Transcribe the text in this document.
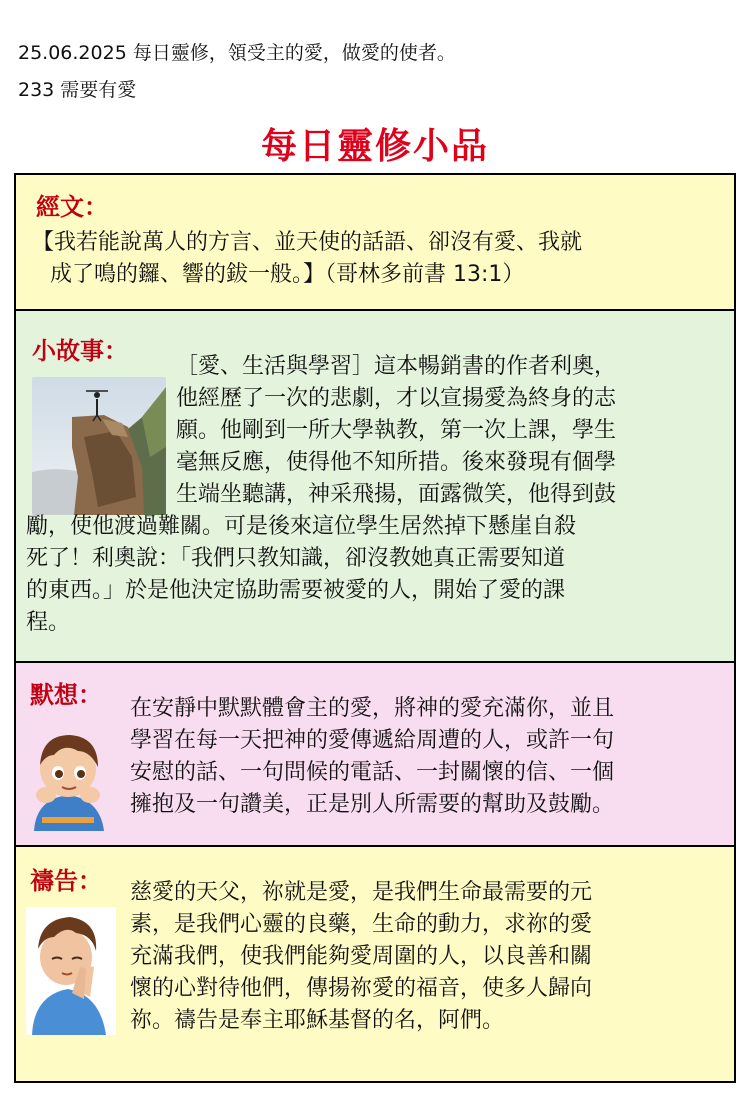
25.06.2025 每日靈修，領受主的愛，做愛的使者。
233 需要有愛
每日靈修小品
經文：
【我若能說萬人的方言、並天使的話語、卻沒有愛、我就
成了鳴的鑼、響的鈸一般。】（哥林多前書 13:1）
小故事：
［愛、生活與學習］這本暢銷書的作者利奧，
他經歷了一次的悲劇，才以宣揚愛為終身的志
願。他剛到一所大學執教，第一次上課，學生
毫無反應，使得他不知所措。後來發現有個學
生端坐聽講，神采飛揚，面露微笑，他得到鼓
勵，使他渡過難關。可是後來這位學生居然掉下懸崖自殺
死了！利奧說：「我們只教知識，卻沒教她真正需要知道
的東西。」於是他決定協助需要被愛的人，開始了愛的課
程。
默想： 在安靜中默默體會主的愛，將神的愛充滿你，並且
學習在每一天把神的愛傳遞給周遭的人，或許一句
安慰的話、一句問候的電話、一封關懷的信、一個
擁抱及一句讚美，正是別人所需要的幫助及鼓勵。
禱告： 慈愛的天父，祢就是愛，是我們生命最需要的元
素，是我們心靈的良藥，生命的動力，求祢的愛
充滿我們，使我們能夠愛周圍的人，以良善和關
懷的心對待他們，傳揚祢愛的福音，使多人歸向
祢。禱告是奉主耶穌基督的名，阿們。
